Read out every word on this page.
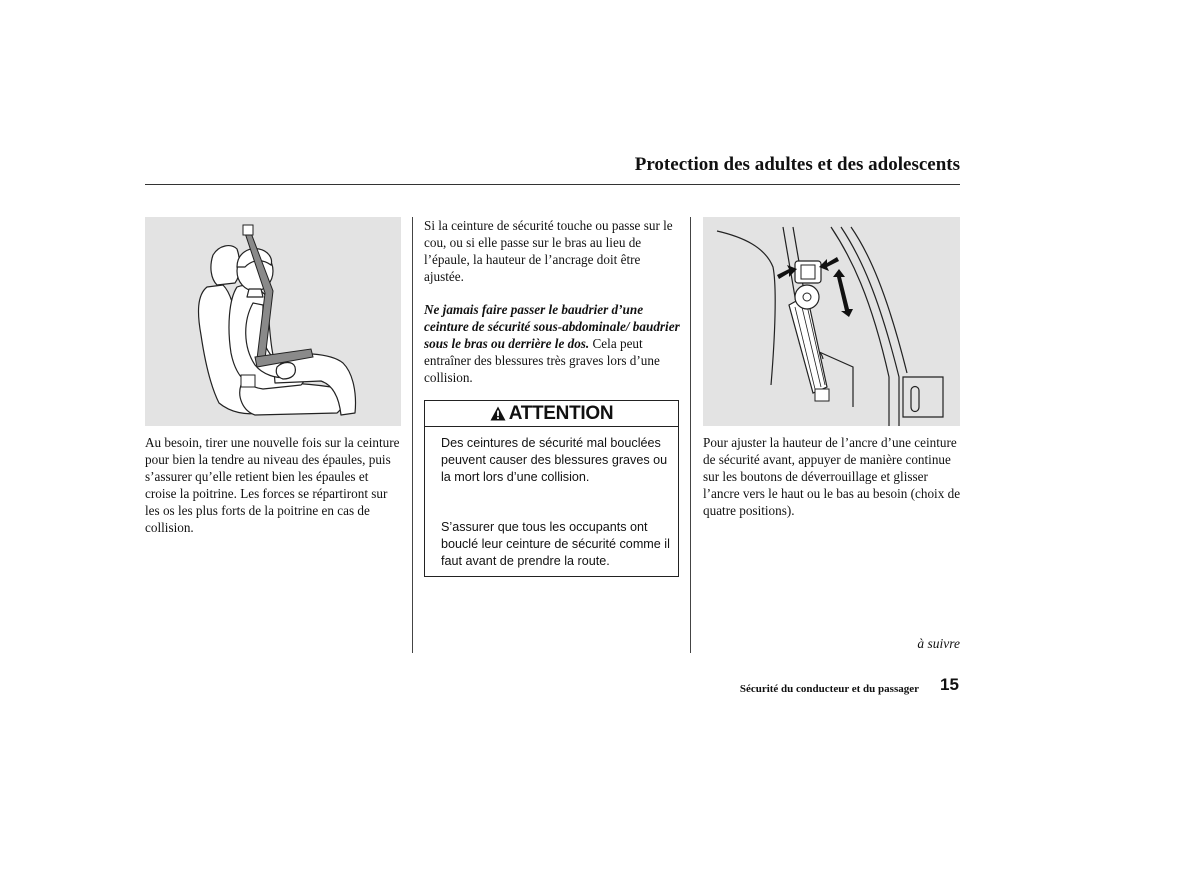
Protection des adultes et des adolescents
Au besoin, tirer une nouvelle fois sur la ceinture pour bien la tendre au niveau des épaules, puis s’assurer qu’elle retient bien les épaules et croise la poitrine. Les forces se répartiront sur les os les plus forts de la poitrine en cas de collision.
Si la ceinture de sécurité touche ou passe sur le cou, ou si elle passe sur le bras au lieu de l’épaule, la hauteur de l’ancrage doit être ajustée.
Ne jamais faire passer le baudrier d’une ceinture de sécurité sous-abdominale/ baudrier sous le bras ou derrière le dos. Cela peut entraîner des blessures très graves lors d’une collision.
ATTENTION
Des ceintures de sécurité mal bouclées peuvent causer des blessures graves ou la mort lors d’une collision.
S’assurer que tous les occupants ont bouclé leur ceinture de sécurité comme il faut avant de prendre la route.
Pour ajuster la hauteur de l’ancre d’une ceinture de sécurité avant, appuyer de manière continue sur les boutons de déverrouillage et glisser l’ancre vers le haut ou le bas au besoin (choix de quatre positions).
à suivre
Sécurité du conducteur et du passager 15
